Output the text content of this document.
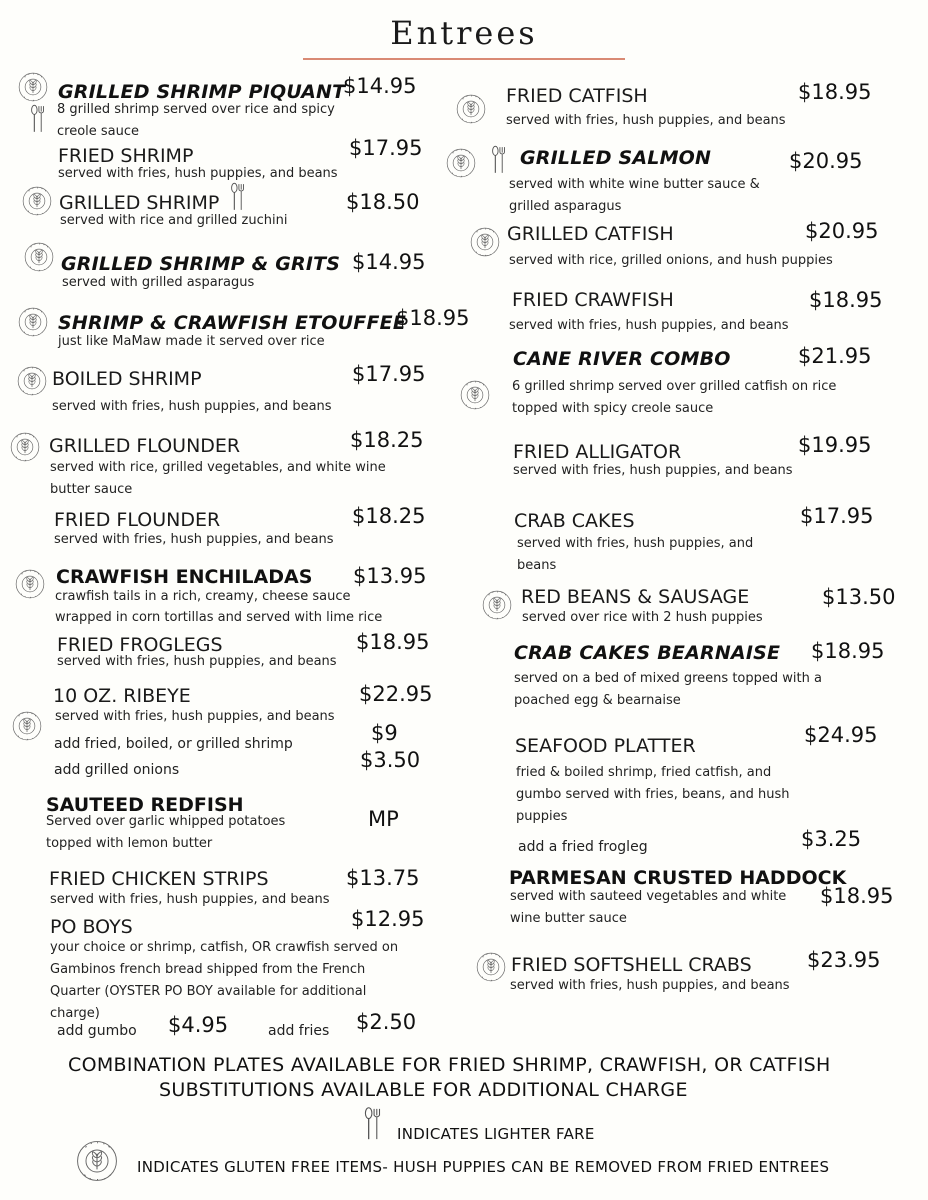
Entrees
GRILLED SHRIMP PIQUANT
$14.95
8 grilled shrimp served over rice and spicy creole sauce
FRIED SHRIMP	$17.95
served with fries, hush puppies, and beans
GRILLED SHRIMP	$18.50
served with rice and grilled zuchini
GRILLED SHRIMP & GRITS $14.95
served with grilled asparagus
SHRIMP & CRAWFISH ETOUFFEE
$18.95
just like MaMaw made it served over rice
BOILED SHRIMP	$17.95
served with fries, hush puppies, and beans
GRILLED FLOUNDER	$18.25
served with rice, grilled vegetables, and white wine butter sauce
FRIED FLOUNDER	$18.25
served with fries, hush puppies, and beans
CRAWFISH ENCHILADAS $13.95
crawfish tails in a rich, creamy, cheese sauce
wrapped in corn tortillas and served with lime rice
FRIED FROGLEGS	$18.95
served with fries, hush puppies, and beans
10 OZ. RIBEYE	$22.95
served with fries, hush puppies, and beans
add fried, boiled, or grilled shrimp	$9
add grilled onions	$3.50
SAUTEED REDFISH
MP
Served over garlic whipped potatoes topped with lemon butter
FRIED CHICKEN STRIPS	$13.75
served with fries, hush puppies, and beans
PO BOYS	$12.95
your choice or shrimp, catfish, OR crawfish served on Gambinos french bread shipped from the French Quarter (OYSTER PO BOY available for additional charge)
add gumbo $4.95	add fries $2.50
FRIED CATFISH	$18.95
served with fries, hush puppies, and beans
GRILLED SALMON	$20.95
served with white wine butter sauce & grilled asparagus
GRILLED CATFISH	$20.95
served with rice, grilled onions, and hush puppies
FRIED CRAWFISH	$18.95
served with fries, hush puppies, and beans
CANE RIVER COMBO	$21.95
6 grilled shrimp served over grilled catfish on rice topped with spicy creole sauce
FRIED ALLIGATOR	$19.95
served with fries, hush puppies, and beans
CRAB CAKES	$17.95
served with fries, hush puppies, and beans
RED BEANS & SAUSAGE	$13.50
served over rice with 2 hush puppies
CRAB CAKES BEARNAISE $18.95
served on a bed of mixed greens topped with a poached egg & bearnaise
SEAFOOD PLATTER	$24.95
fried & boiled shrimp, fried catfish, and gumbo served with fries, beans, and hush puppies
add a fried frogleg	$3.25
PARMESAN CRUSTED HADDOCK
$18.95
served with sauteed vegetables and white wine butter sauce
FRIED SOFTSHELL CRABS	$23.95
served with fries, hush puppies, and beans
COMBINATION PLATES AVAILABLE FOR FRIED SHRIMP, CRAWFISH, OR CATFISH
SUBSTITUTIONS AVAILABLE FOR ADDITIONAL CHARGE
INDICATES LIGHTER FARE
INDICATES GLUTEN FREE ITEMS- HUSH PUPPIES CAN BE REMOVED FROM FRIED ENTREES
